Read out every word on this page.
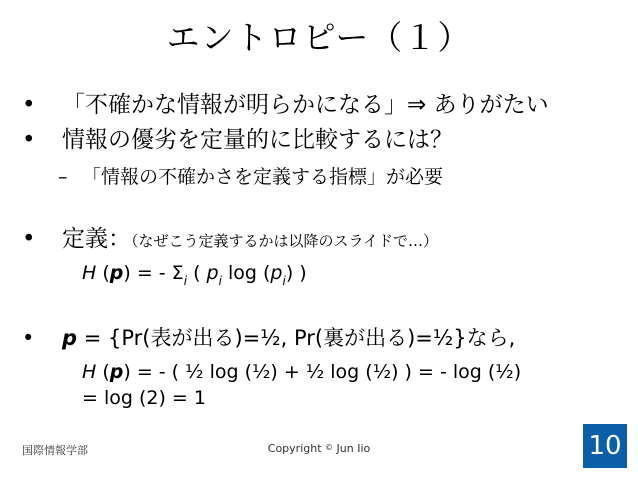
エントロピー（１）
• 「不確かな情報が明らかになる」⇒ ありがたい
• 情報の優劣を定量的に比較するには？
– 「情報の不確かさを定義する指標」が必要
• 定義：（なぜこう定義するかは以降のスライドで…）
H (p) = - $\Sigma_i$ ( $p_i$ $\log (p_i)$ )
• p = {Pr(表が出る)=½, Pr(裏が出る)=½}なら,
H (p) = - ( ½ log (½) + ½ log (½) ) = - log (½)
= log (2) = 1
国際情報学部	Copyright © Jun Iio	10
